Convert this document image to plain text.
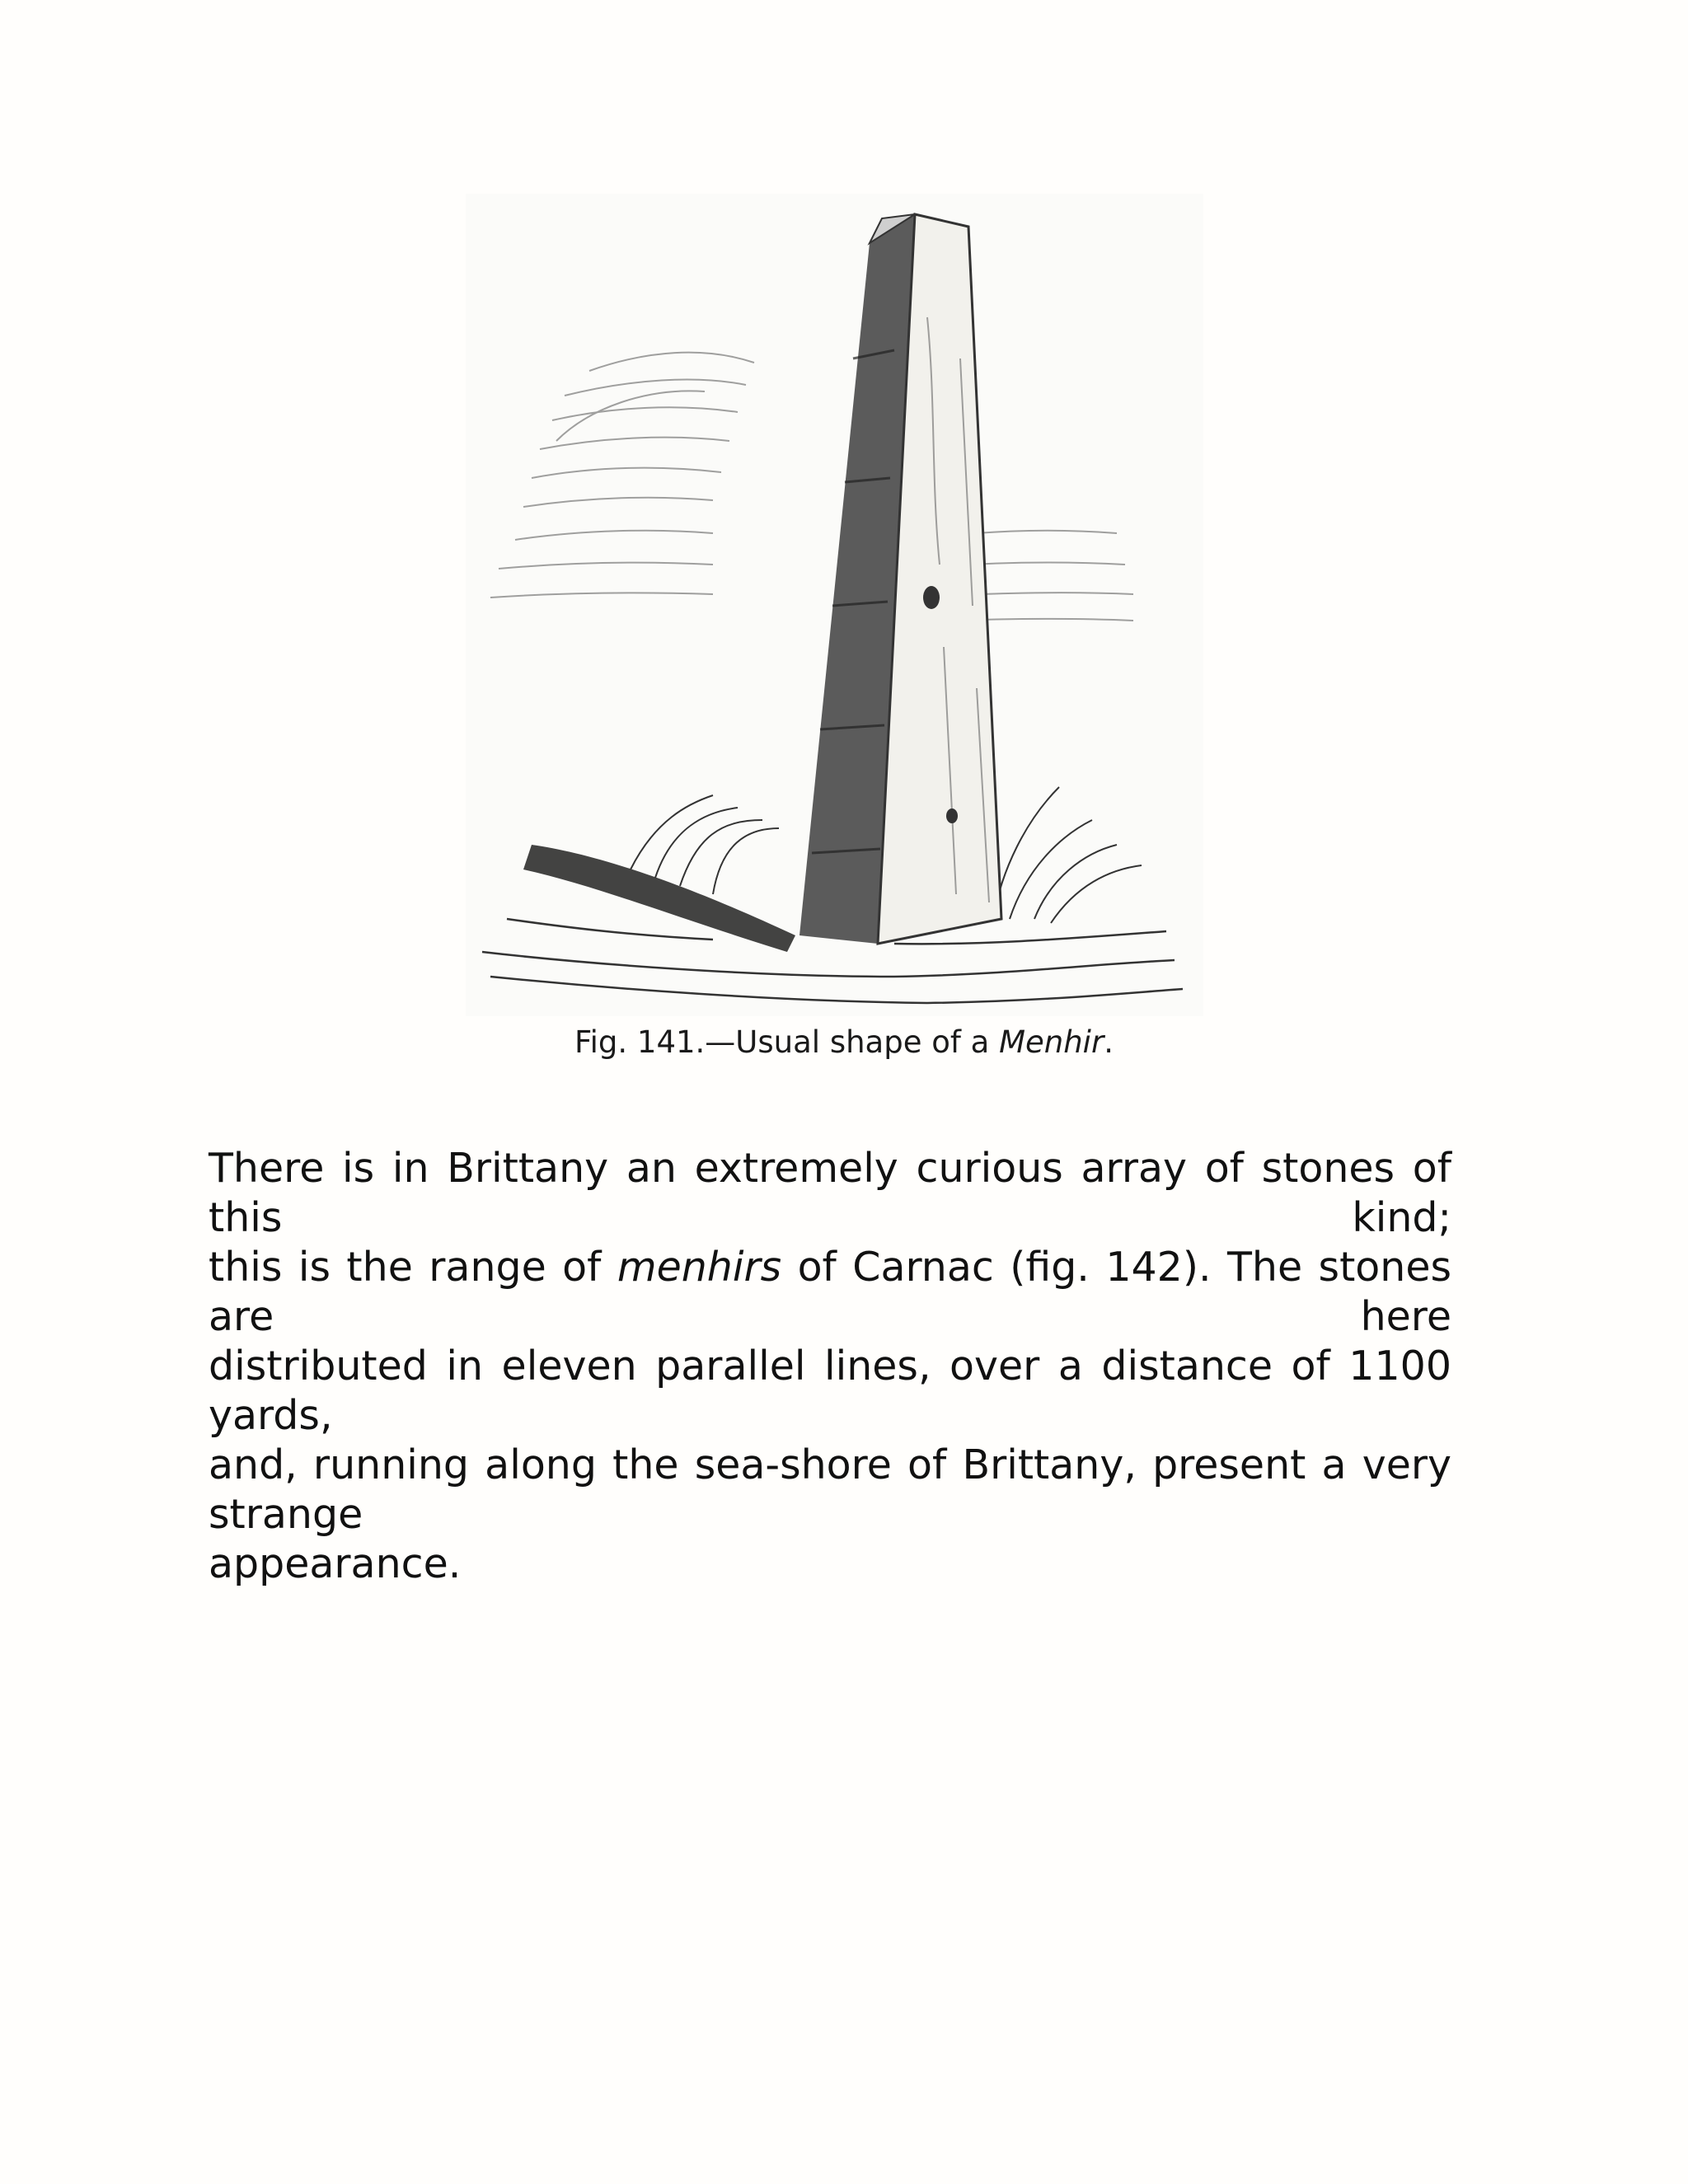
Fig. 141.—Usual shape of a Menhir.
There is in Brittany an extremely curious array of stones of this kind;
this is the range of menhirs of Carnac (fig. 142). The stones are here
distributed in eleven parallel lines, over a distance of 1100 yards,
and, running along the sea-shore of Brittany, present a very strange
appearance.
